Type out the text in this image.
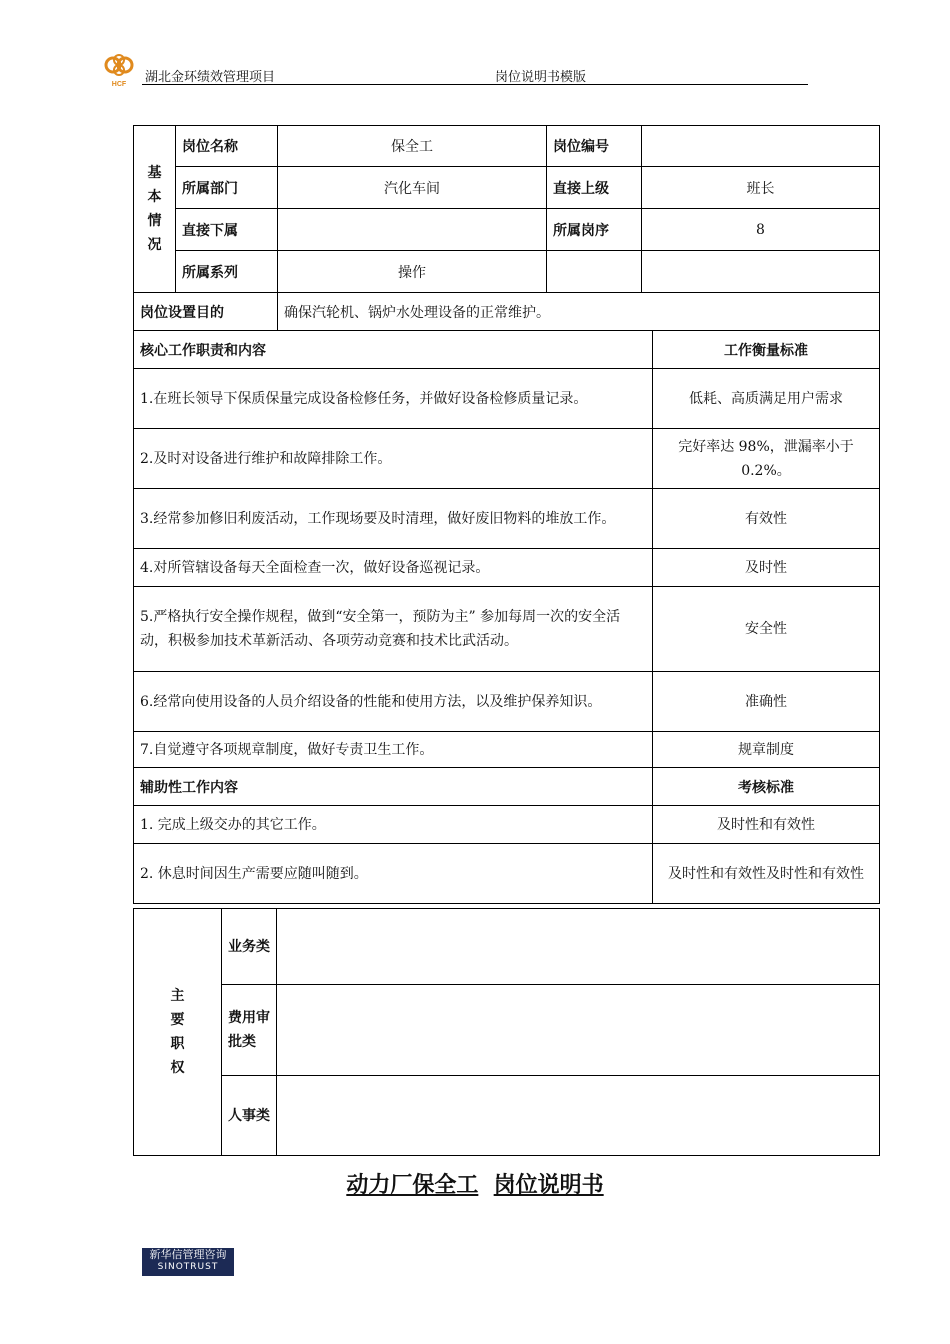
HCF 湖北金环绩效管理项目	岗位说明书模版
基
本
情
况	岗位名称	保全工	岗位编号		
	所属部门	汽化车间	直接上级	班长	
	直接下属		所属岗序	8	
	所属系列	操作			
岗位设置目的		确保汽轮机、锅炉水处理设备的正常维护。			
核心工作职责和内容					工作衡量标准
1.在班长领导下保质保量完成设备检修任务，并做好设备检修质量记录。					低耗、高质满足用户需求
2.及时对设备进行维护和故障排除工作。					完好率达 98%，泄漏率小于 0.2%。
3.经常参加修旧利废活动，工作现场要及时清理，做好废旧物料的堆放工作。					有效性
4.对所管辖设备每天全面检查一次，做好设备巡视记录。					及时性
5.严格执行安全操作规程，做到“安全第一，预防为主” 参加每周一次的安全活动，积极参加技术革新活动、各项劳动竞赛和技术比武活动。					安全性
6.经常向使用设备的人员介绍设备的性能和使用方法，以及维护保养知识。					准确性
7.自觉遵守各项规章制度，做好专责卫生工作。					规章制度
辅助性工作内容					考核标准
1. 完成上级交办的其它工作。					及时性和有效性
2. 休息时间因生产需要应随叫随到。					及时性和有效性及时性和有效性
主
要
职
权	业务类	
	费用审批类	
	人事类	
动力厂保全工 岗位说明书
新华信管理咨询
SINOTRUST
